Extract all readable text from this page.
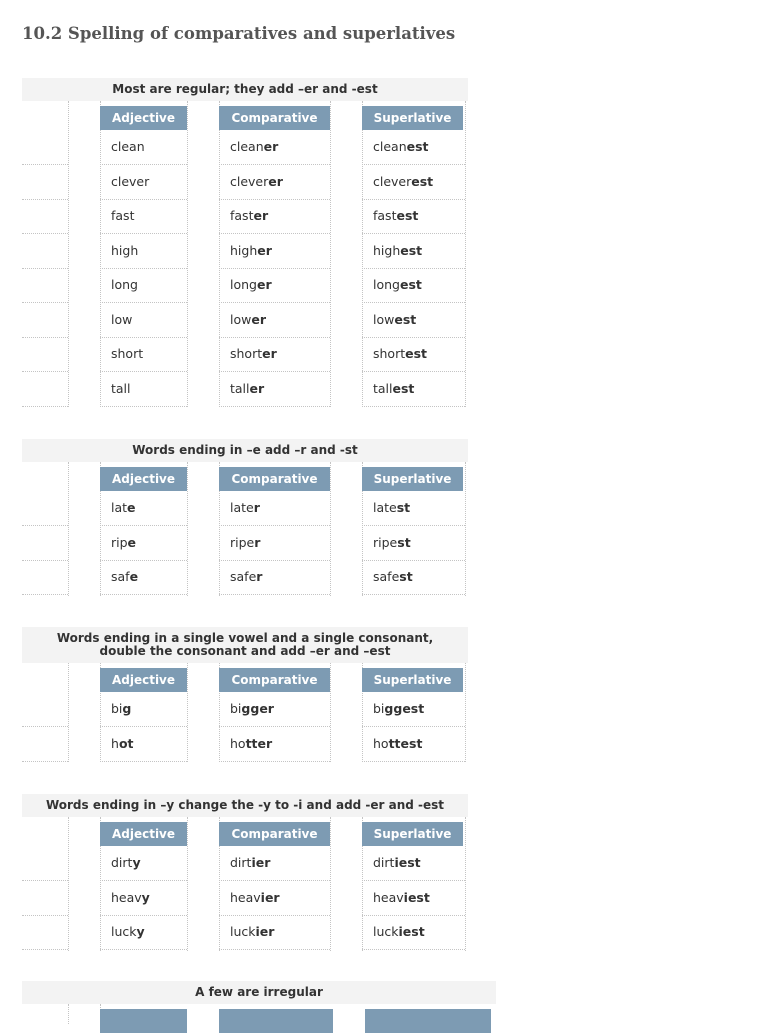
10.2 Spelling of comparatives and superlatives
Most are regular; they add –er and -est
Adjective	Comparative	Superlative
clean	cleaner	cleanest
clever	cleverer	cleverest
fast	faster	fastest
high	higher	highest
long	longer	longest
low	lower	lowest
short	shorter	shortest
tall	taller	tallest
Words ending in –e add –r and -st
Adjective	Comparative	Superlative
late	later	latest
ripe	riper	ripest
safe	safer	safest
Words ending in a single vowel and a single consonant,
double the consonant and add –er and –est
Adjective	Comparative	Superlative
big	bigger	biggest
hot	hotter	hottest
Words ending in –y change the -y to -i and add -er and -est
Adjective	Comparative	Superlative
dirty	dirtier	dirtiest
heavy	heavier	heaviest
lucky	luckier	luckiest
A few are irregular
